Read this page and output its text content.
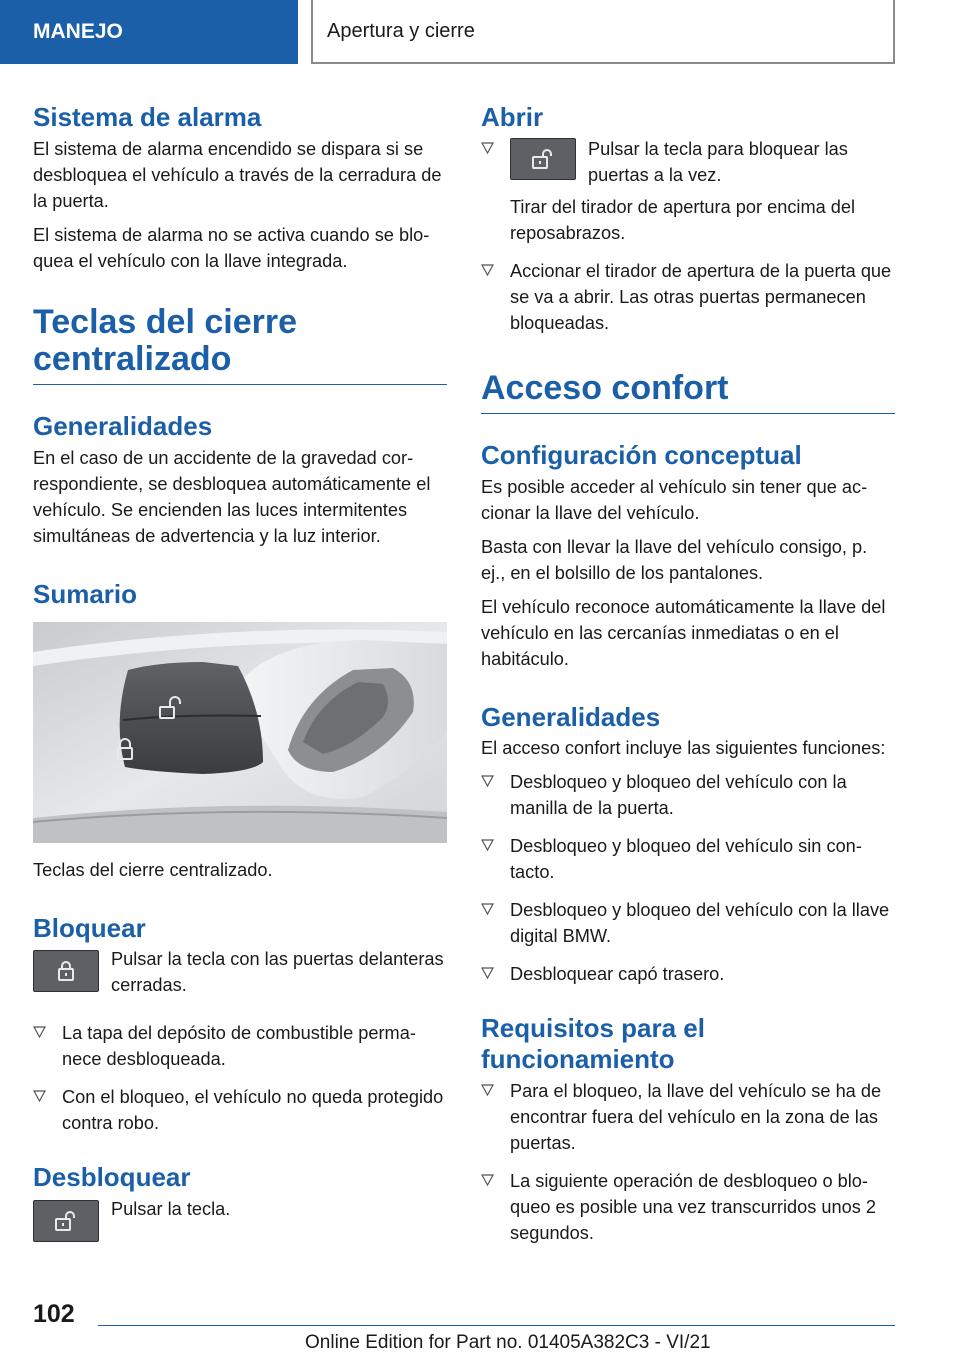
MANEJO	Apertura y cierre
Sistema de alarma

El sistema de alarma encendido se dispara si se desbloquea el vehículo a través de la cerradura de la puerta.

El sistema de alarma no se activa cuando se bloquea el vehículo con la llave integrada.

Teclas del cierre
centralizado
Generalidades

En el caso de un accidente de la gravedad correspondiente, se desbloquea automáticamente el vehículo. Se encienden las luces intermitentes simultáneas de advertencia y la luz interior.

Sumario

Teclas del cierre centralizado.

Bloquear

Pulsar la tecla con las puertas delanteras cerradas.

La tapa del depósito de combustible permanece desbloqueada.
Con el bloqueo, el vehículo no queda protegido contra robo.
Desbloquear

Pulsar la tecla.

Abrir
Pulsar la tecla para bloquear las puertas a la vez.
Tirar del tirador de apertura por encima del reposabrazos.
Accionar el tirador de apertura de la puerta que se va a abrir. Las otras puertas permanecen bloqueadas.
Acceso confort
Configuración conceptual

Es posible acceder al vehículo sin tener que accionar la llave del vehículo.

Basta con llevar la llave del vehículo consigo, p. ej., en el bolsillo de los pantalones.

El vehículo reconoce automáticamente la llave del vehículo en las cercanías inmediatas o en el habitáculo.

Generalidades

El acceso confort incluye las siguientes funciones:

Desbloqueo y bloqueo del vehículo con la manilla de la puerta.
Desbloqueo y bloqueo del vehículo sin contacto.
Desbloqueo y bloqueo del vehículo con la llave digital BMW.
Desbloquear capó trasero.
Requisitos para el
funcionamiento
Para el bloqueo, la llave del vehículo se ha de encontrar fuera del vehículo en la zona de las puertas.
La siguiente operación de desbloqueo o bloqueo es posible una vez transcurridos unos 2 segundos.
102
Online Edition for Part no. 01405A382C3 - VI/21
